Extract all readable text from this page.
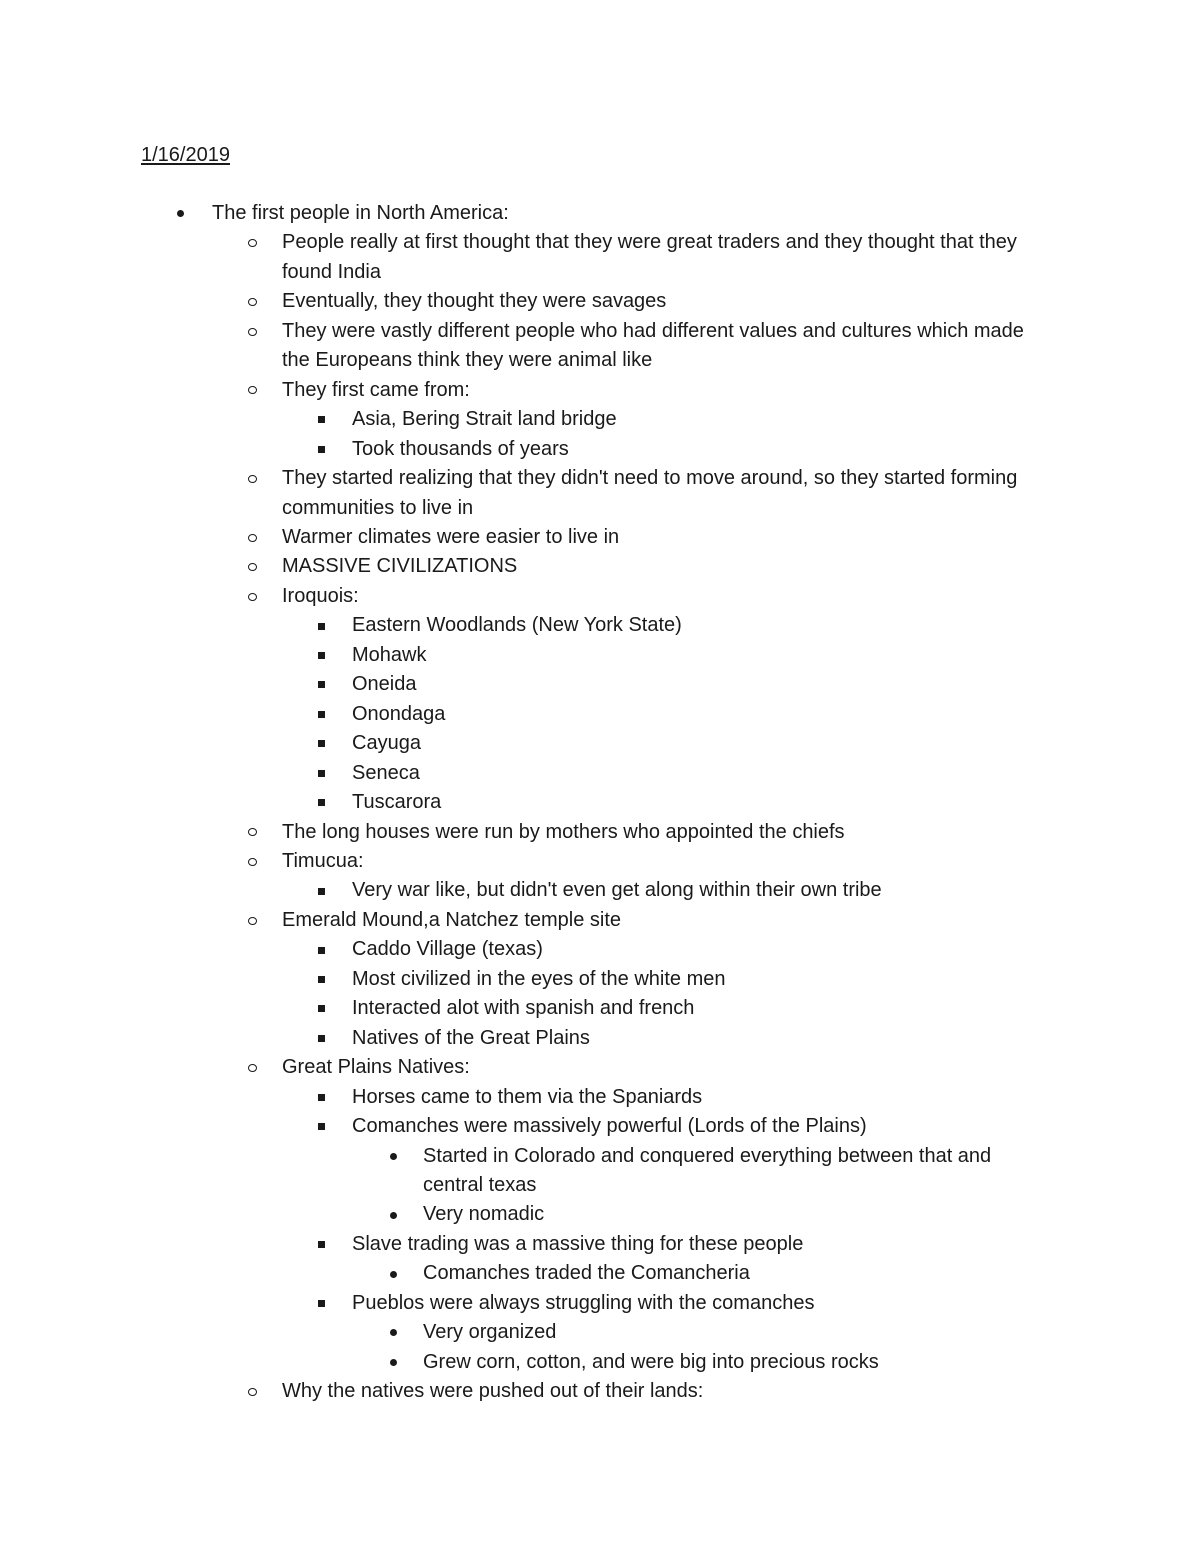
1/16/2019
The first people in North America:
People really at first thought that they were great traders and they thought that they found India
Eventually, they thought they were savages
They were vastly different people who had different values and cultures which made the Europeans think they were animal like
They first came from:
Asia, Bering Strait land bridge
Took thousands of years
They started realizing that they didn't need to move around, so they started forming communities to live in
Warmer climates were easier to live in
MASSIVE CIVILIZATIONS
Iroquois:
Eastern Woodlands (New York State)
Mohawk
Oneida
Onondaga
Cayuga
Seneca
Tuscarora
The long houses were run by mothers who appointed the chiefs
Timucua:
Very war like, but didn't even get along within their own tribe
Emerald Mound,a Natchez temple site
Caddo Village (texas)
Most civilized in the eyes of the white men
Interacted alot with spanish and french
Natives of the Great Plains
Great Plains Natives:
Horses came to them via the Spaniards
Comanches were massively powerful (Lords of the Plains)
Started in Colorado and conquered everything between that and central texas
Very nomadic
Slave trading was a massive thing for these people
Comanches traded the Comancheria
Pueblos were always struggling with the comanches
Very organized
Grew corn, cotton, and were big into precious rocks
Why the natives were pushed out of their lands:
